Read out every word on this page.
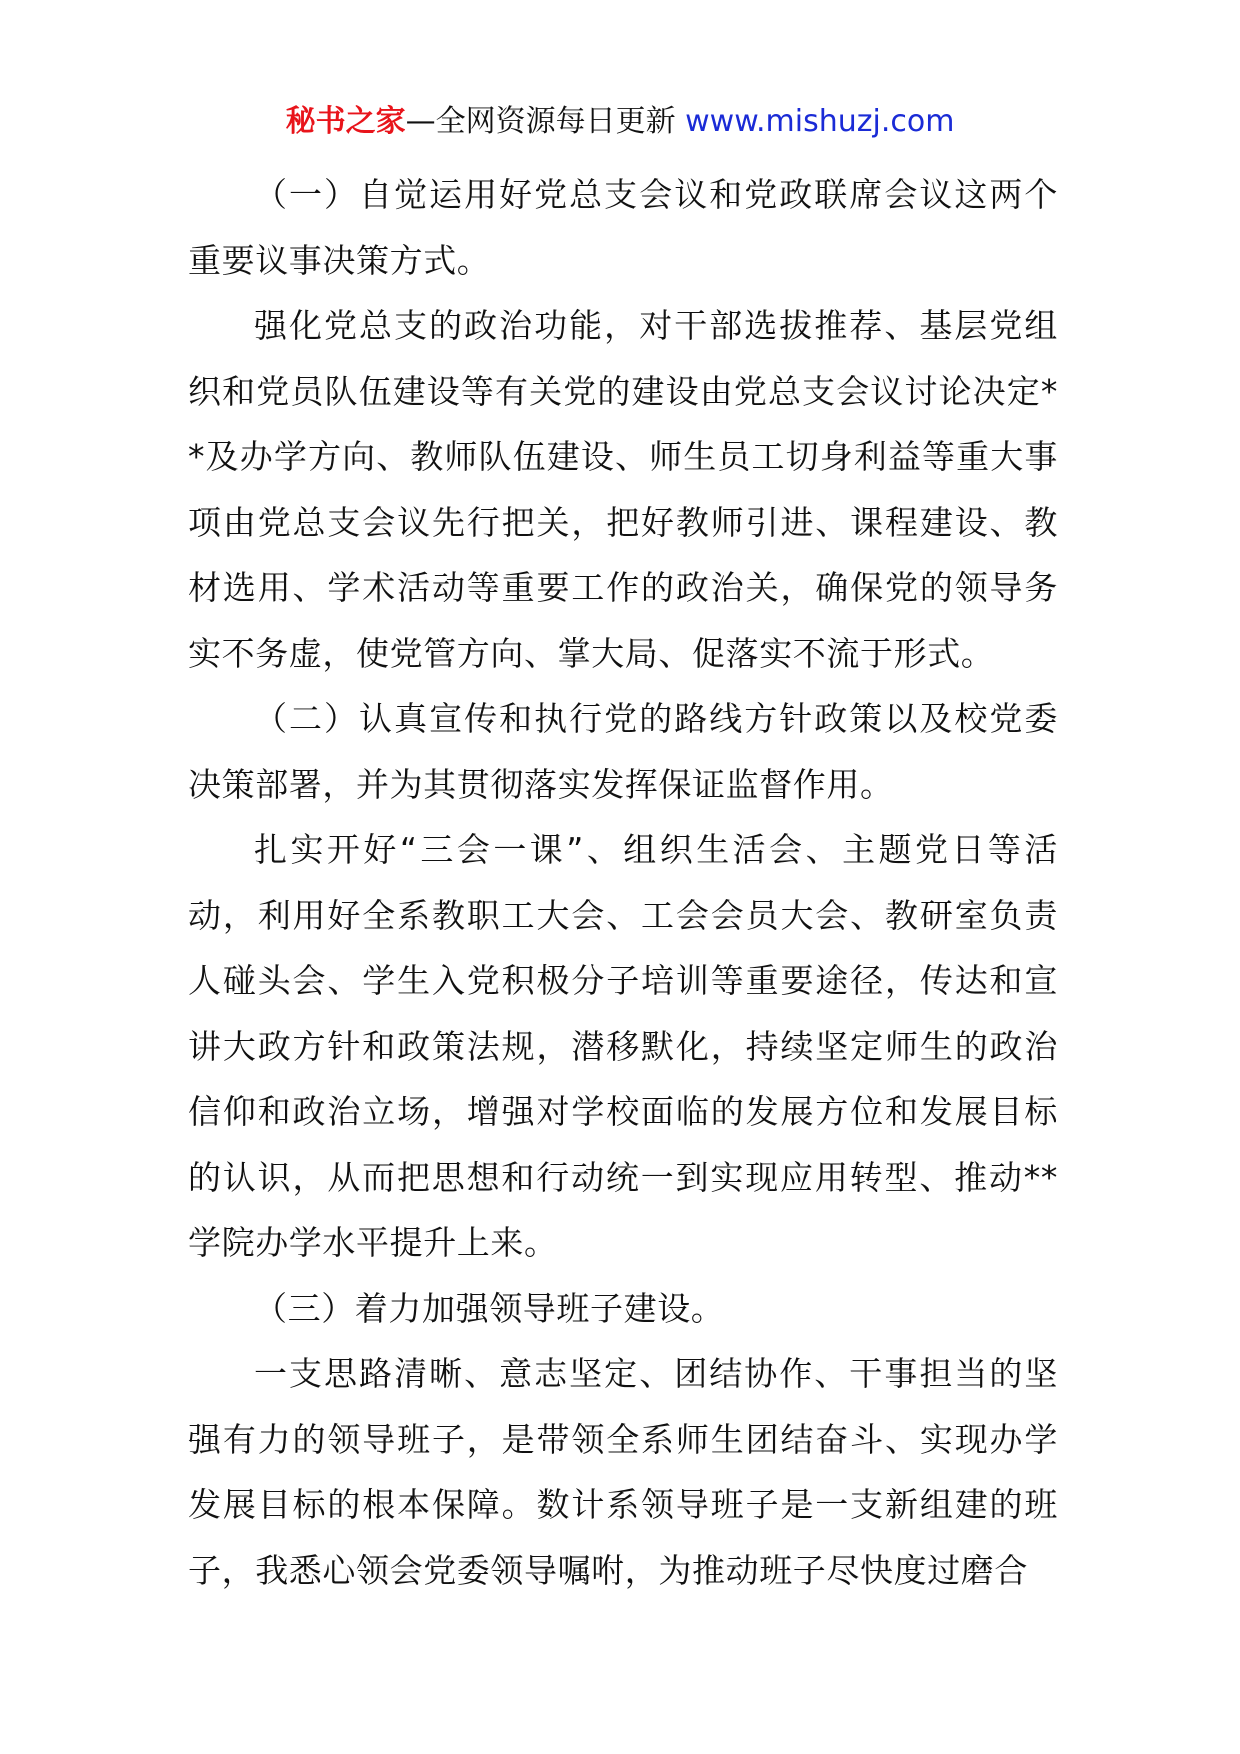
秘书之家—全网资源每日更新 www.mishuzj.com

（一）自觉运用好党总支会议和党政联席会议这两个重要议事决策方式。

强化党总支的政治功能，对干部选拔推荐、基层党组织和党员队伍建设等有关党的建设由党总支会议讨论决定**及办学方向、教师队伍建设、师生员工切身利益等重大事项由党总支会议先行把关，把好教师引进、课程建设、教材选用、学术活动等重要工作的政治关，确保党的领导务实不务虚，使党管方向、掌大局、促落实不流于形式。

（二）认真宣传和执行党的路线方针政策以及校党委决策部署，并为其贯彻落实发挥保证监督作用。

扎实开好“三会一课”、组织生活会、主题党日等活动，利用好全系教职工大会、工会会员大会、教研室负责人碰头会、学生入党积极分子培训等重要途径，传达和宣讲大政方针和政策法规，潜移默化，持续坚定师生的政治信仰和政治立场，增强对学校面临的发展方位和发展目标的认识，从而把思想和行动统一到实现应用转型、推动**学院办学水平提升上来。

（三）着力加强领导班子建设。

一支思路清晰、意志坚定、团结协作、干事担当的坚强有力的领导班子，是带领全系师生团结奋斗、实现办学发展目标的根本保障。数计系领导班子是一支新组建的班子，我悉心领会党委领导嘱咐，为推动班子尽快度过磨合
